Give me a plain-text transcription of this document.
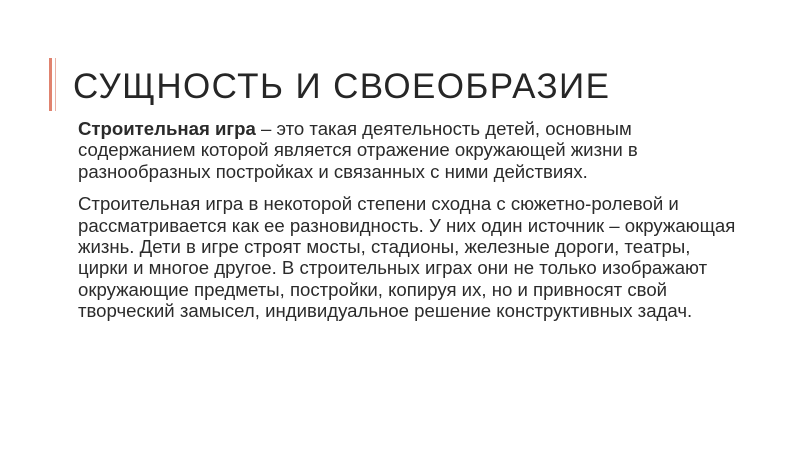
СУЩНОСТЬ И СВОЕОБРАЗИЕ

Строительная игра – это такая деятельность детей, основным содержанием которой является отражение окружающей жизни в разнообразных постройках и связанных с ними действиях.

Строительная игра в некоторой степени сходна с сюжетно-ролевой и рассматривается как ее разновидность. У них один источник – окружающая жизнь. Дети в игре строят мосты, стадионы, железные дороги, театры, цирки и многое другое. В строительных играх они не только изображают окружающие предметы, постройки, копируя их, но и привносят свой творческий замысел, индивидуальное решение конструктивных задач.
